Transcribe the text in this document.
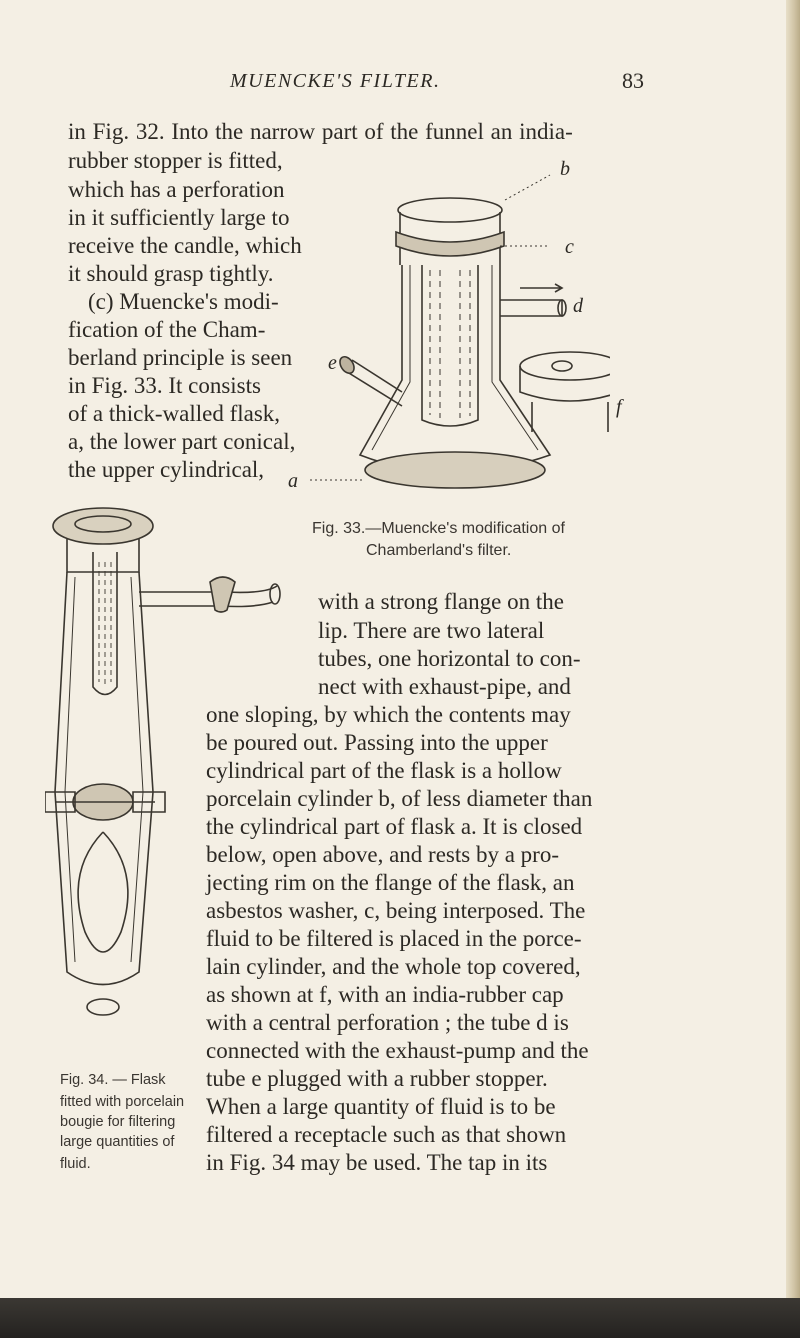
MUENCKE'S FILTER.	83
in Fig. 32. Into the narrow part of the funnel an india-
rubber stopper is fitted,
which has a perforation
in it sufficiently large to
receive the candle, which
it should grasp tightly.
(c) Muencke's modi-
fication of the Cham-
berland principle is seen
in Fig. 33. It consists
of a thick-walled flask,
a, the lower part conical,
the upper cylindrical,
b
c
d
e
f
a
Fig. 33.—Muencke's modification of
Chamberland's filter.
with a strong flange on the
lip. There are two lateral
tubes, one horizontal to con-
nect with exhaust-pipe, and
one sloping, by which the contents may
be poured out. Passing into the upper
cylindrical part of the flask is a hollow
porcelain cylinder b, of less diameter than
the cylindrical part of flask a. It is closed
below, open above, and rests by a pro-
jecting rim on the flange of the flask, an
asbestos washer, c, being interposed. The
fluid to be filtered is placed in the porce-
lain cylinder, and the whole top covered,
as shown at f, with an india-rubber cap
with a central perforation ; the tube d is
connected with the exhaust-pump and the
tube e plugged with a rubber stopper.
When a large quantity of fluid is to be
filtered a receptacle such as that shown
in Fig. 34 may be used. The tap in its
Fig. 34. — Flask
fitted with porcelain
bougie for filtering
large quantities of
fluid.
